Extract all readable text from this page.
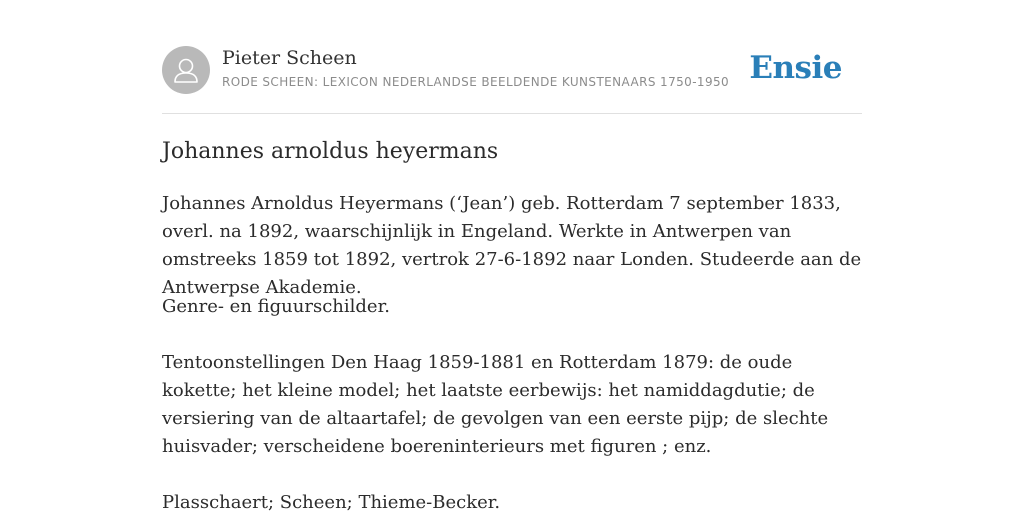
Pieter Scheen
RODE SCHEEN: LEXICON NEDERLANDSE BEELDENDE KUNSTENAARS 1750-1950 Ensie
Johannes arnoldus heyermans

Johannes Arnoldus Heyermans (‘Jean’) geb. Rotterdam 7 september 1833, overl. na 1892, waarschijnlijk in Engeland. Werkte in Antwerpen van omstreeks 1859 tot 1892, vertrok 27-6-1892 naar Londen. Studeerde aan de Antwerpse Akademie.

Genre- en figuurschilder.

Tentoonstellingen Den Haag 1859-1881 en Rotterdam 1879: de oude kokette; het kleine model; het laatste eerbewijs: het namiddagdutie; de versiering van de altaartafel; de gevolgen van een eerste pijp; de slechte huisvader; verscheidene boereninterieurs met figuren ; enz.

Plasschaert; Scheen; Thieme-Becker.
